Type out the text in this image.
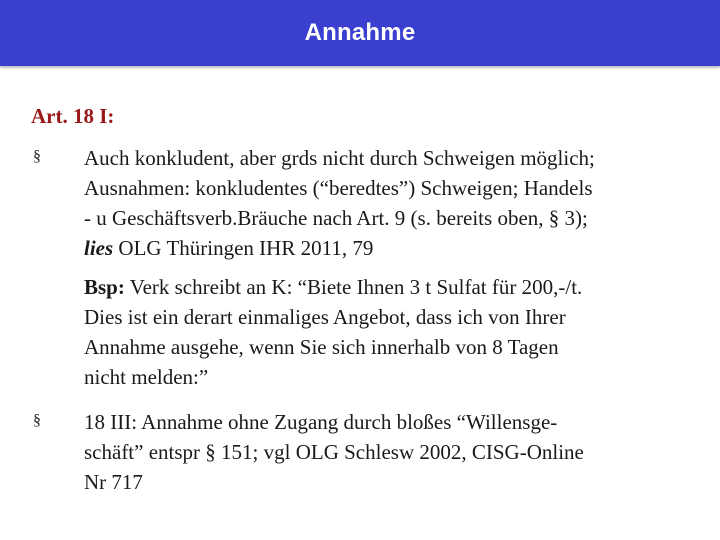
Annahme
Art. 18 I:
§ Auch konkludent, aber grds nicht durch Schweigen möglich;
Ausnahmen: konkludentes (“beredtes”) Schweigen; Handels
- u Geschäftsverb.Bräuche nach Art. 9 (s. bereits oben, § 3);
lies OLG Thüringen IHR 2011, 79
Bsp: Verk schreibt an K: “Biete Ihnen 3 t Sulfat für 200,-/t.
Dies ist ein derart einmaliges Angebot, dass ich von Ihrer
Annahme ausgehe, wenn Sie sich innerhalb von 8 Tagen
nicht melden:”
§ 18 III: Annahme ohne Zugang durch bloßes “Willensge-
schäft” entspr § 151; vgl OLG Schlesw 2002, CISG-Online
Nr 717
